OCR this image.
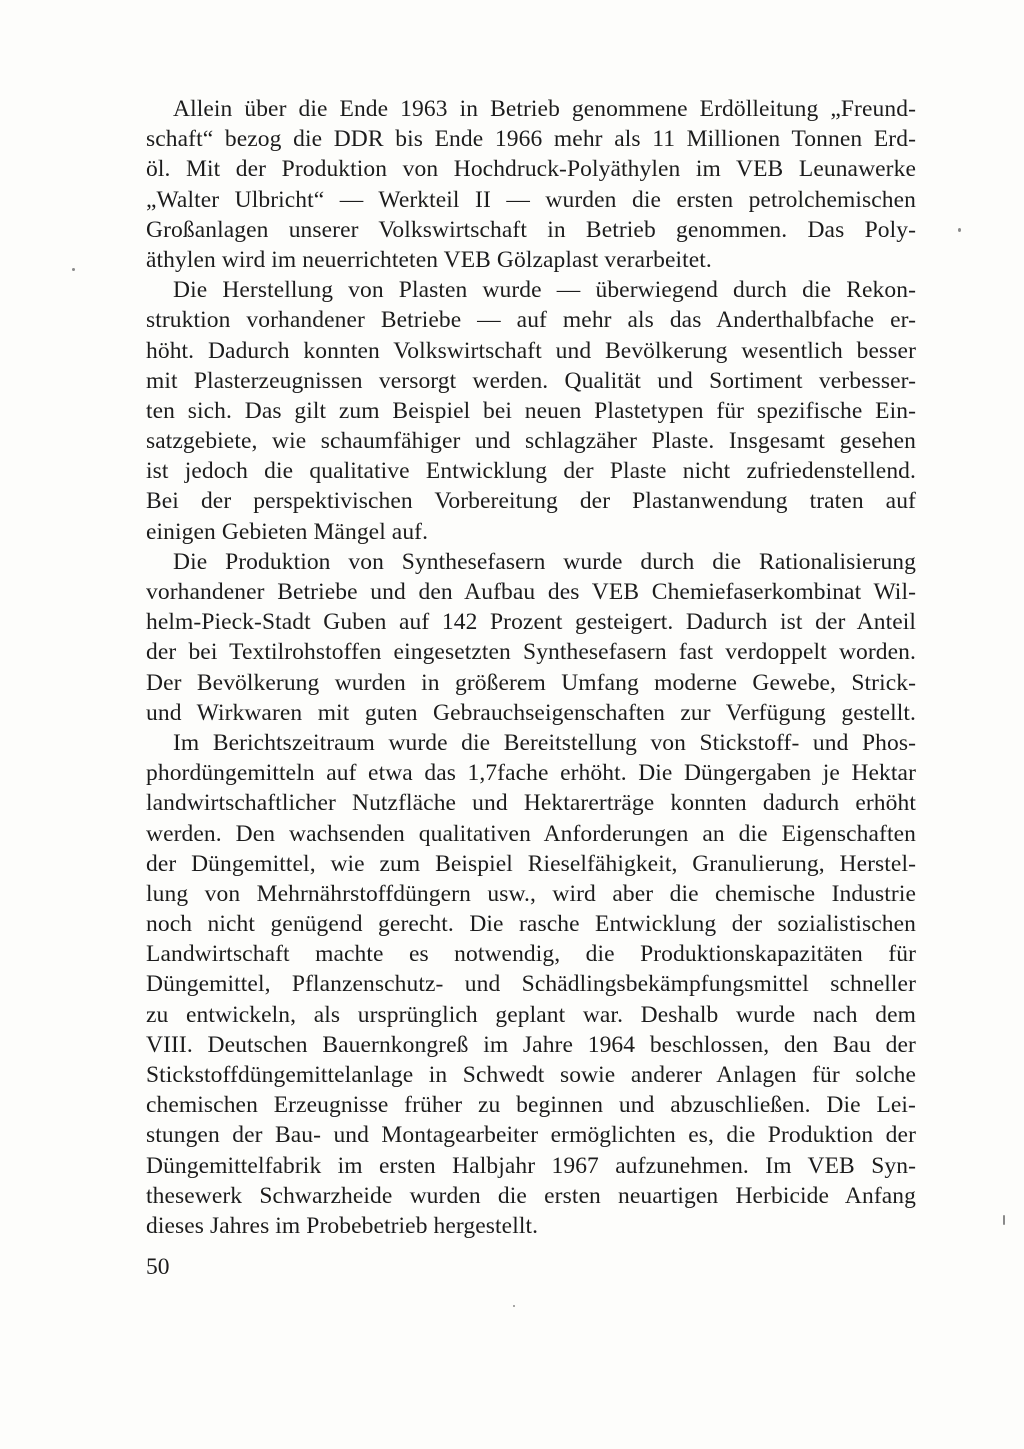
Allein über die Ende 1963 in Betrieb genommene Erdölleitung „Freund-
schaft“ bezog die DDR bis Ende 1966 mehr als 11 Millionen Tonnen Erd-
öl. Mit der Produktion von Hochdruck-Polyäthylen im VEB Leunawerke
„Walter Ulbricht“ — Werkteil II — wurden die ersten petrolchemischen
Großanlagen unserer Volkswirtschaft in Betrieb genommen. Das Poly-
äthylen wird im neuerrichteten VEB Gölzaplast verarbeitet.
Die Herstellung von Plasten wurde — überwiegend durch die Rekon-
struktion vorhandener Betriebe — auf mehr als das Anderthalbfache er-
höht. Dadurch konnten Volkswirtschaft und Bevölkerung wesentlich besser
mit Plasterzeugnissen versorgt werden. Qualität und Sortiment verbesser-
ten sich. Das gilt zum Beispiel bei neuen Plastetypen für spezifische Ein-
satzgebiete, wie schaumfähiger und schlagzäher Plaste. Insgesamt gesehen
ist jedoch die qualitative Entwicklung der Plaste nicht zufriedenstellend.
Bei der perspektivischen Vorbereitung der Plastanwendung traten auf
einigen Gebieten Mängel auf.
Die Produktion von Synthesefasern wurde durch die Rationalisierung
vorhandener Betriebe und den Aufbau des VEB Chemiefaserkombinat Wil-
helm-Pieck-Stadt Guben auf 142 Prozent gesteigert. Dadurch ist der Anteil
der bei Textilrohstoffen eingesetzten Synthesefasern fast verdoppelt worden.
Der Bevölkerung wurden in größerem Umfang moderne Gewebe, Strick-
und Wirkwaren mit guten Gebrauchseigenschaften zur Verfügung gestellt.
Im Berichtszeitraum wurde die Bereitstellung von Stickstoff- und Phos-
phordüngemitteln auf etwa das 1,7fache erhöht. Die Düngergaben je Hektar
landwirtschaftlicher Nutzfläche und Hektarerträge konnten dadurch erhöht
werden. Den wachsenden qualitativen Anforderungen an die Eigenschaften
der Düngemittel, wie zum Beispiel Rieselfähigkeit, Granulierung, Herstel-
lung von Mehrnährstoffdüngern usw., wird aber die chemische Industrie
noch nicht genügend gerecht. Die rasche Entwicklung der sozialistischen
Landwirtschaft machte es notwendig, die Produktionskapazitäten für
Düngemittel, Pflanzenschutz- und Schädlingsbekämpfungsmittel schneller
zu entwickeln, als ursprünglich geplant war. Deshalb wurde nach dem
VIII. Deutschen Bauernkongreß im Jahre 1964 beschlossen, den Bau der
Stickstoffdüngemittelanlage in Schwedt sowie anderer Anlagen für solche
chemischen Erzeugnisse früher zu beginnen und abzuschließen. Die Lei-
stungen der Bau- und Montagearbeiter ermöglichten es, die Produktion der
Düngemittelfabrik im ersten Halbjahr 1967 aufzunehmen. Im VEB Syn-
thesewerk Schwarzheide wurden die ersten neuartigen Herbicide Anfang
dieses Jahres im Probebetrieb hergestellt.
50
